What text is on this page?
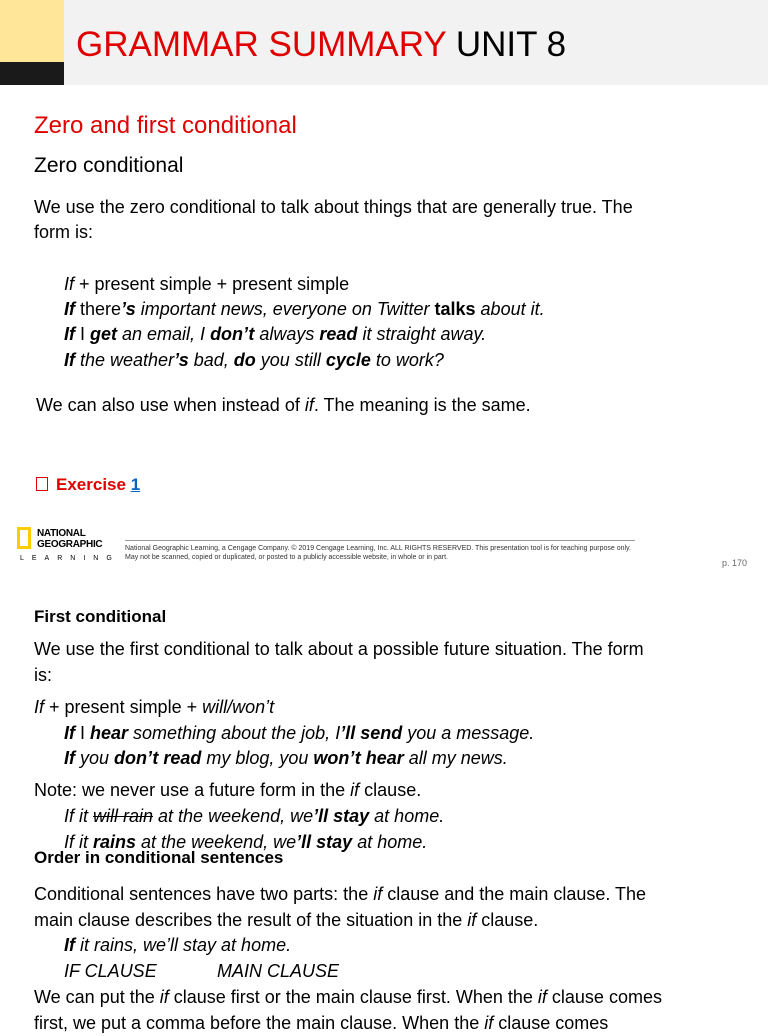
GRAMMAR SUMMARY UNIT 8
Zero and first conditional
Zero conditional
We use the zero conditional to talk about things that are generally true. The
form is:
If + present simple + present simple
If there’s important news, everyone on Twitter talks about it.
If I get an email, I don’t always read it straight away.
If the weather’s bad, do you still cycle to work?
We can also use when instead of if. The meaning is the same.
Exercise 1
NATIONAL
GEOGRAPHIC
LEARNING
National Geographic Learning, a Cengage Company. © 2019 Cengage Learning, Inc. ALL RIGHTS RESERVED. This presentation tool is for teaching purpose only. May not be scanned, copied or duplicated, or posted to a publicly accessible website, in whole or in part.
p. 170
First conditional
We use the first conditional to talk about a possible future situation. The form
is:
If + present simple + will/won’t
If I hear something about the job, I’ll send you a message.
If you don’t read my blog, you won’t hear all my news.
Note: we never use a future form in the if clause.
If it will rain at the weekend, we’ll stay at home.
If it rains at the weekend, we’ll stay at home.
Order in conditional sentences
Conditional sentences have two parts: the if clause and the main clause. The
main clause describes the result of the situation in the if clause.
If it rains, we’ll stay at home.
IF CLAUSE	MAIN CLAUSE
We can put the if clause first or the main clause first. When the if clause comes
first, we put a comma before the main clause. When the if clause comes
